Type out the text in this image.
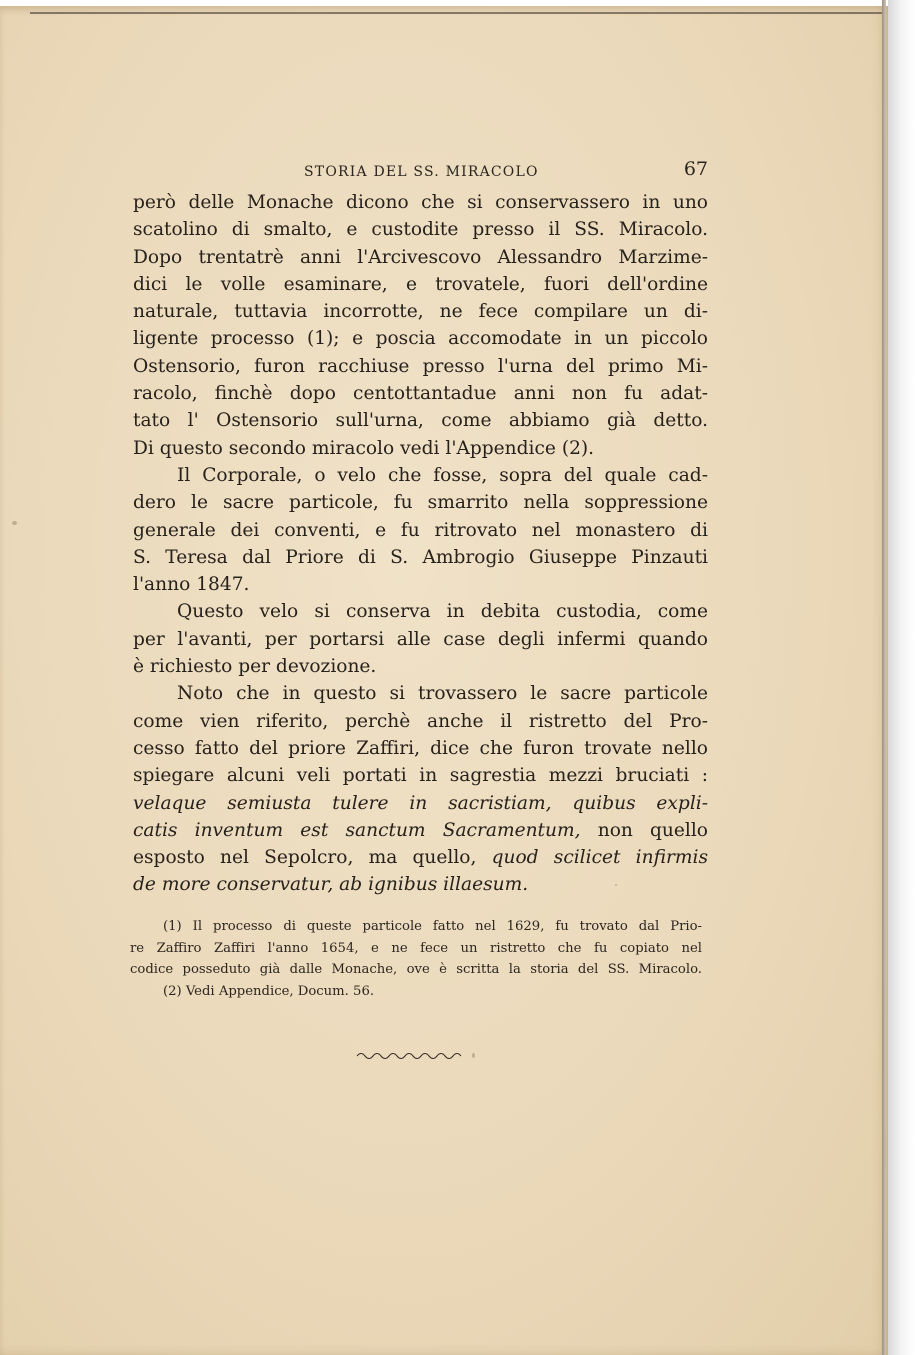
STORIA DEL SS. MIRACOLO	67
però delle Monache dicono che si conservassero in uno
scatolino di smalto, e custodite presso il SS. Miracolo.
Dopo trentatrè anni l'Arcivescovo Alessandro Marzime-
dici le volle esaminare, e trovatele, fuori dell'ordine
naturale, tuttavia incorrotte, ne fece compilare un di-
ligente processo (1); e poscia accomodate in un piccolo
Ostensorio, furon racchiuse presso l'urna del primo Mi-
racolo, finchè dopo centottantadue anni non fu adat-
tato l' Ostensorio sull'urna, come abbiamo già detto.
Di questo secondo miracolo vedi l'Appendice (2).
Il Corporale, o velo che fosse, sopra del quale cad-
dero le sacre particole, fu smarrito nella soppressione
generale dei conventi, e fu ritrovato nel monastero di
S. Teresa dal Priore di S. Ambrogio Giuseppe Pinzauti
l'anno 1847.
Questo velo si conserva in debita custodia, come
per l'avanti, per portarsi alle case degli infermi quando
è richiesto per devozione.
Noto che in questo si trovassero le sacre particole
come vien riferito, perchè anche il ristretto del Pro-
cesso fatto del priore Zaffiri, dice che furon trovate nello
spiegare alcuni veli portati in sagrestia mezzi bruciati :
velaque semiusta tulere in sacristiam, quibus expli-
catis inventum est sanctum Sacramentum, non quello
esposto nel Sepolcro, ma quello, quod scilicet infirmis
de more conservatur, ab ignibus illaesum.
(1) Il processo di queste particole fatto nel 1629, fu trovato dal Prio-
re Zaffiro Zaffiri l'anno 1654, e ne fece un ristretto che fu copiato nel
codice posseduto già dalle Monache, ove è scritta la storia del SS. Miracolo.
(2) Vedi Appendice, Docum. 56.
